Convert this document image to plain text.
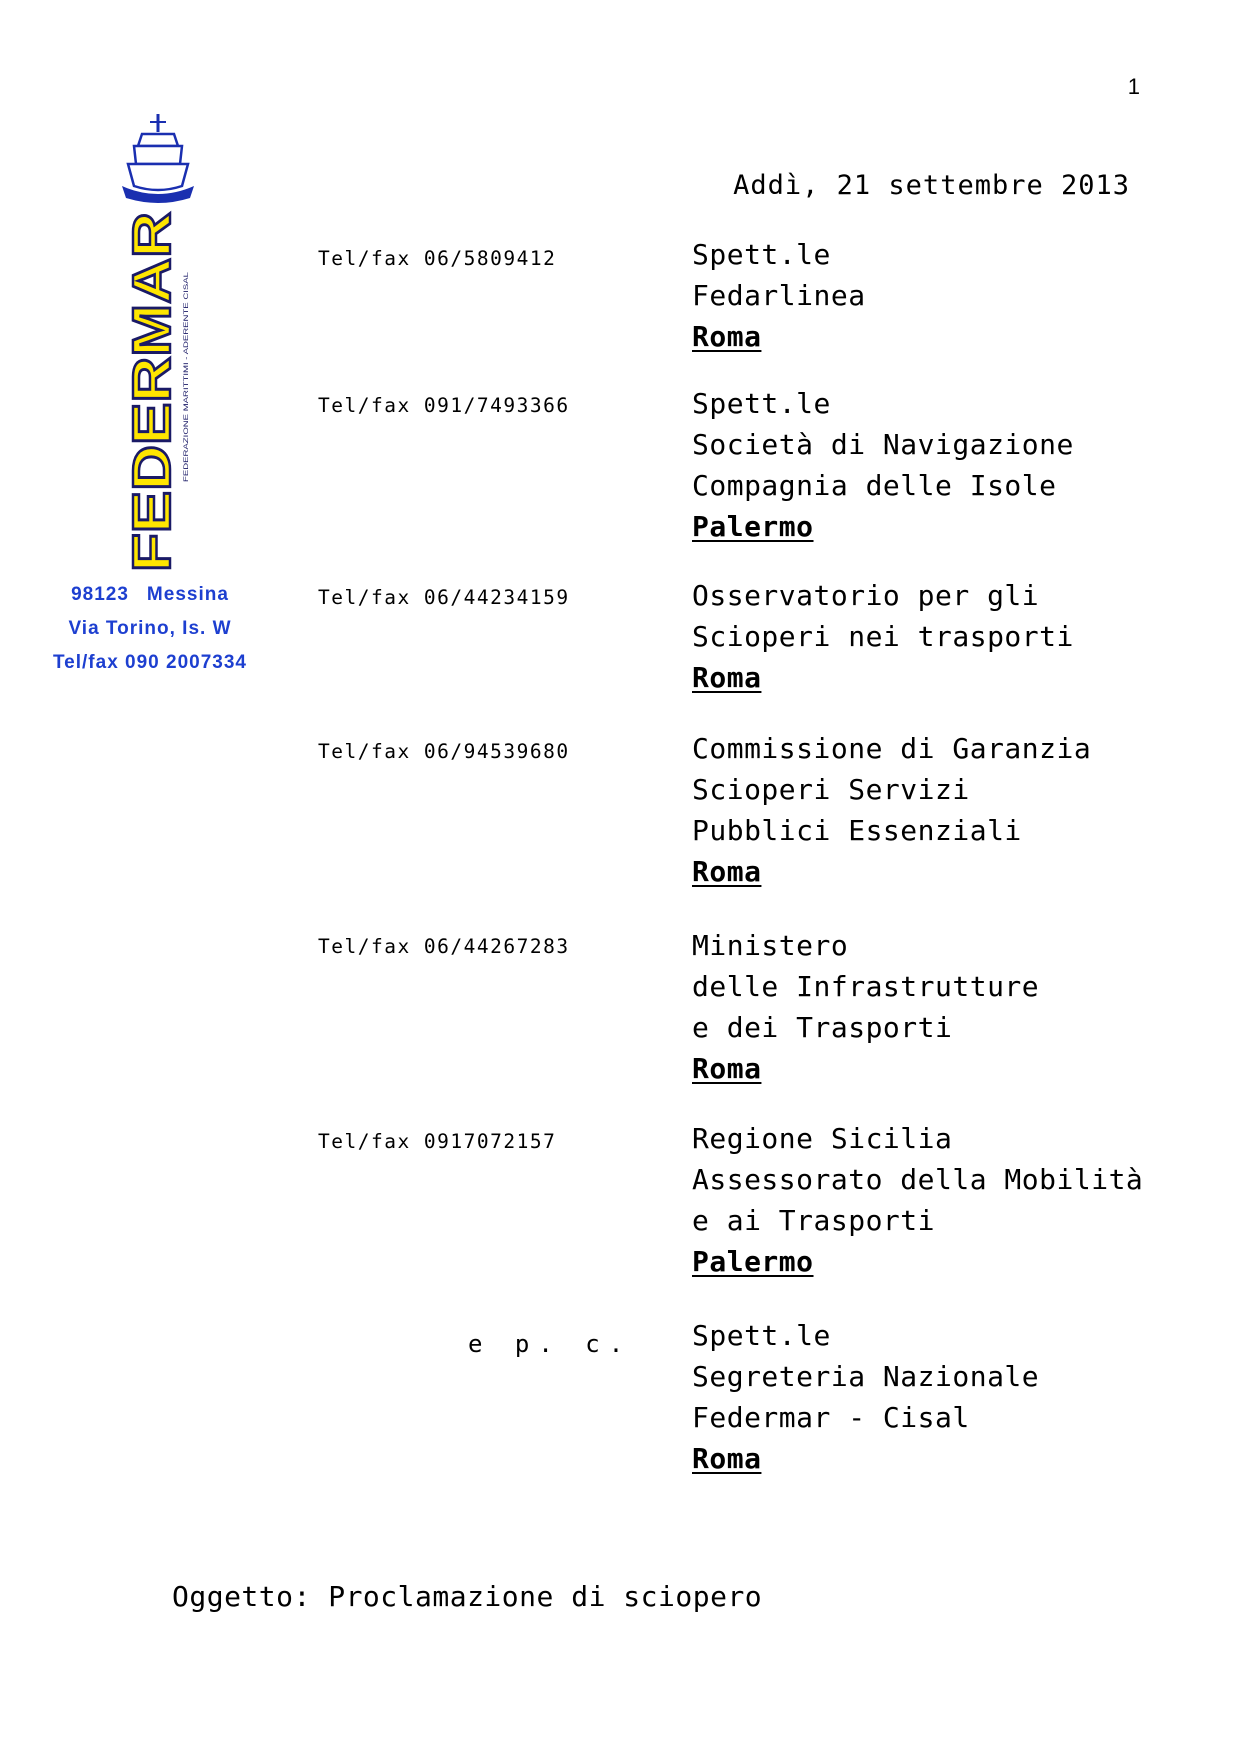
1
Addì, 21 settembre 2013
FEDERMAR FEDERAZIONE MARITTIMI - ADERENTE CISAL
98123 Messina
Via Torino, Is. W
Tel/fax 090 2007334
Tel/fax 06/5809412
Tel/fax 091/7493366
Tel/fax 06/44234159
Tel/fax 06/94539680
Tel/fax 06/44267283
Tel/fax 0917072157
e p. c.
Spett.le
Fedarlinea
Roma
Spett.le
Società di Navigazione
Compagnia delle Isole
Palermo
Osservatorio per gli
Scioperi nei trasporti
Roma
Commissione di Garanzia
Scioperi Servizi
Pubblici Essenziali
Roma
Ministero
delle Infrastrutture
e dei Trasporti
Roma
Regione Sicilia
Assessorato della Mobilità
e ai Trasporti
Palermo
Spett.le
Segreteria Nazionale
Federmar - Cisal
Roma
Oggetto: Proclamazione di sciopero
